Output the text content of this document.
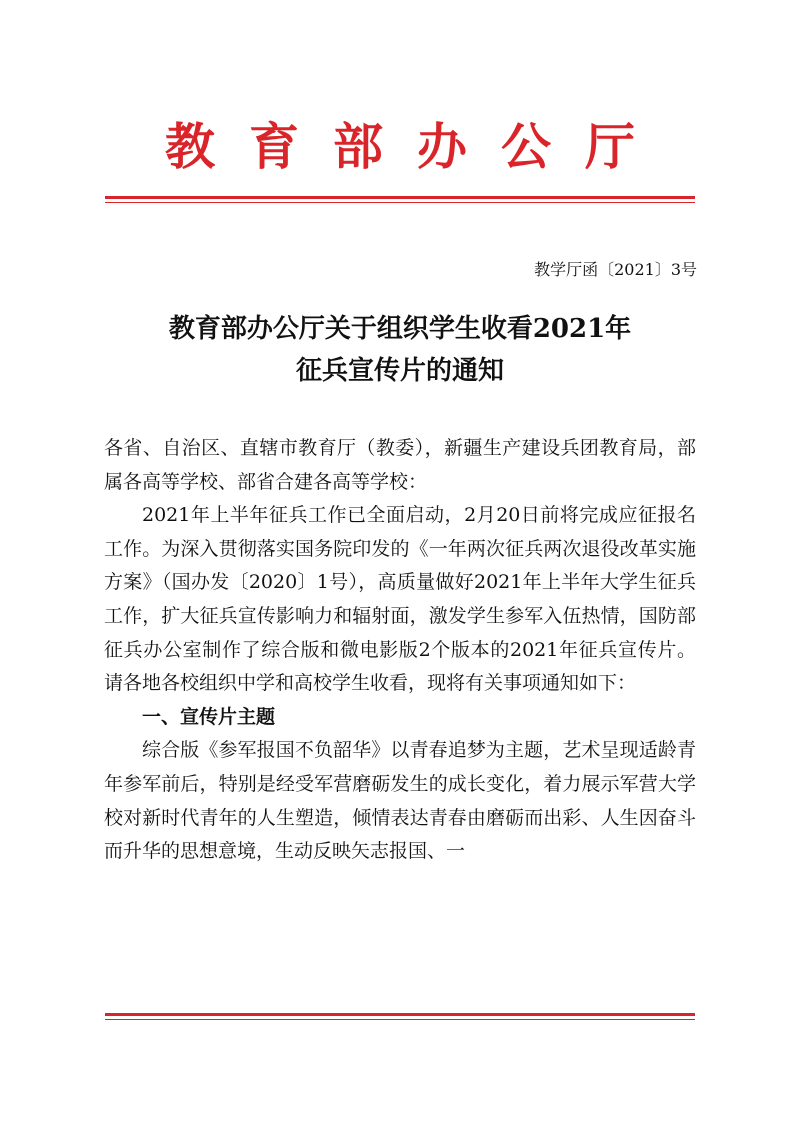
教育部办公厅
教学厅函〔2021〕3号
教育部办公厅关于组织学生收看2021年
征兵宣传片的通知

各省、自治区、直辖市教育厅（教委），新疆生产建设兵团教育局，部属各高等学校、部省合建各高等学校：

2021年上半年征兵工作已全面启动，2月20日前将完成应征报名工作。为深入贯彻落实国务院印发的《一年两次征兵两次退役改革实施方案》（国办发〔2020〕1号），高质量做好2021年上半年大学生征兵工作，扩大征兵宣传影响力和辐射面，激发学生参军入伍热情，国防部征兵办公室制作了综合版和微电影版2个版本的2021年征兵宣传片。请各地各校组织中学和高校学生收看，现将有关事项通知如下：

一、宣传片主题

综合版《参军报国不负韶华》以青春追梦为主题，艺术呈现适龄青年参军前后，特别是经受军营磨砺发生的成长变化，着力展示军营大学校对新时代青年的人生塑造，倾情表达青春由磨砺而出彩、人生因奋斗而升华的思想意境，生动反映矢志报国、一
